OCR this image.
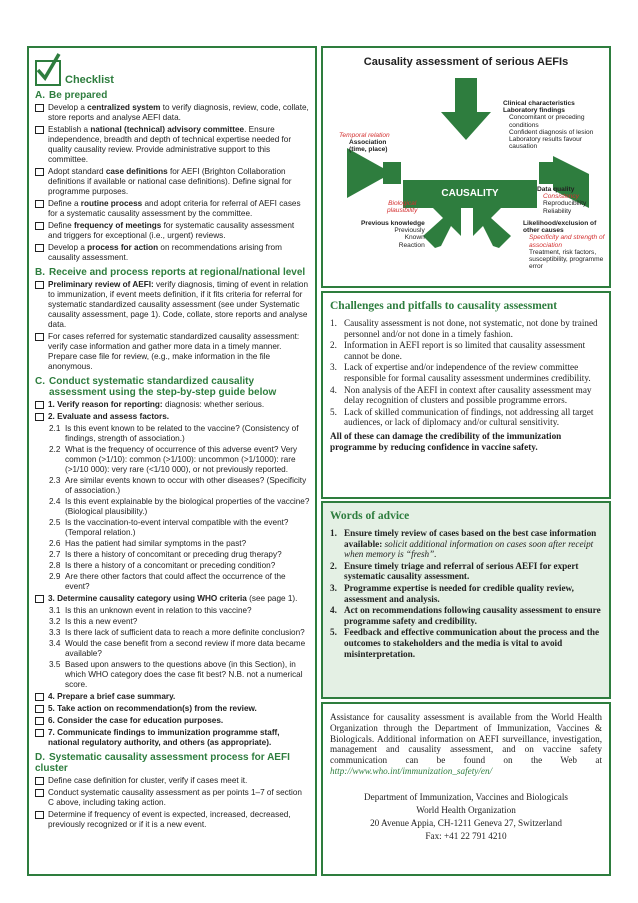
Checklist
A. Be prepared
Develop a centralized system to verify diagnosis, review, code, collate, store reports and analyse AEFI data.
Establish a national (technical) advisory committee. Ensure independence, breadth and depth of technical expertise needed for quality causality review. Provide administrative support to this committee.
Adopt standard case definitions for AEFI (Brighton Collaboration definitions if available or national case definitions). Define signal for programme purposes.
Define a routine process and adopt criteria for referral of AEFI cases for a systematic causality assessment by the committee.
Define frequency of meetings for systematic causality assessment and triggers for exceptional (i.e., urgent) reviews.
Develop a process for action on recommendations arising from causality assessment.
B. Receive and process reports at regional/national level
Preliminary review of AEFI: verify diagnosis, timing of event in relation to immunization, if event meets definition, if it fits criteria for referral for systematic standardized causality assessment (see under Systematic causality assessment, page 1). Code, collate, store reports and analyse data.
For cases referred for systematic standardized causality assessment: verify case information and gather more data in a timely manner. Prepare case file for review, (e.g., make information in the file anonymous.
C. Conduct systematic standardized causality assessment using the step-by-step guide below
1. Verify reason for reporting: diagnosis: whether serious.
2. Evaluate and assess factors.
2.1 Is this event known to be related to the vaccine? (Consistency of findings, strength of association.)
2.2 What is the frequency of occurrence of this adverse event? Very common (>1/10): common (>1/100): uncommon (>1/1000): rare (>1/10 000): very rare (<1/10 000), or not previously reported.
2.3 Are similar events known to occur with other diseases? (Specificity of association.)
2.4 Is this event explainable by the biological properties of the vaccine? (Biological plausibility.)
2.5 Is the vaccination-to-event interval compatible with the event? (Temporal relation.)
2.6 Has the patient had similar symptoms in the past?
2.7 Is there a history of concomitant or preceding drug therapy?
2.8 Is there a history of a concomitant or preceding condition?
2.9 Are there other factors that could affect the occurrence of the event?
3. Determine causality category using WHO criteria (see page 1).
3.1 Is this an unknown event in relation to this vaccine?
3.2 Is this a new event?
3.3 Is there lack of sufficient data to reach a more definite conclusion?
3.4 Would the case benefit from a second review if more data became available?
3.5 Based upon answers to the questions above (in this Section), in which WHO category does the case fit best? N.B. not a numerical score.
4. Prepare a brief case summary.
5. Take action on recommendation(s) from the review.
6. Consider the case for education purposes.
7. Communicate findings to immunization programme staff, national regulatory authority, and others (as appropriate).
D. Systematic causality assessment process for AEFI cluster
Define case definition for cluster, verify if cases meet it.
Conduct systematic causality assessment as per points 1–7 of section C above, including taking action.
Determine if frequency of event is expected, increased, decreased, previously recognized or if it is a new event.
Causality assessment of serious AEFIs
Clinical characteristics
Laboratory findings
Concomitant or preceding conditions
Confident diagnosis of lesion
Laboratory results favour causation
Temporal relation
Association
(time, place)
CAUSALITY	Data quality
Consistency
Reproducibility
Reliability
Biological
plausibility
Previous knowledge
Previously
Known
Reaction
Likelihood/exclusion of
other causes
Specificity and strength of
association
Treatment, risk factors,
susceptibility, programme error
Challenges and pitfalls to causality assessment
1. Causality assessment is not done, not systematic, not done by trained personnel and/or not done in a timely fashion.
2. Information in AEFI report is so limited that causality assessment cannot be done.
3. Lack of expertise and/or independence of the review committee responsible for formal causality assessment undermines credibility.
4. Non analysis of the AEFI in context after causality assessment may delay recognition of clusters and possible programme errors.
5. Lack of skilled communication of findings, not addressing all target audiences, or lack of diplomacy and/or cultural sensitivity.
All of these can damage the credibility of the immunization programme by reducing confidence in vaccine safety.
Words of advice
1. Ensure timely review of cases based on the best case information available: solicit additional information on cases soon after receipt when memory is “fresh”.
2. Ensure timely triage and referral of serious AEFI for expert systematic causality assessment.
3. Programme expertise is needed for credible quality review, assessment and analysis.
4. Act on recommendations following causality assessment to ensure programme safety and credibility.
5. Feedback and effective communication about the process and the outcomes to stakeholders and the media is vital to avoid misinterpretation.
Assistance for causality assessment is available from the World Health Organization through the Department of Immunization, Vaccines & Biologicals. Additional information on AEFI surveillance, investigation, management and causality assessment, and on vaccine safety communication can be found on the Web at http://www.who.int/immunization_safety/en/
Department of Immunization, Vaccines and Biologicals
World Health Organization
20 Avenue Appia, CH-1211 Geneva 27, Switzerland
Fax: +41 22 791 4210
